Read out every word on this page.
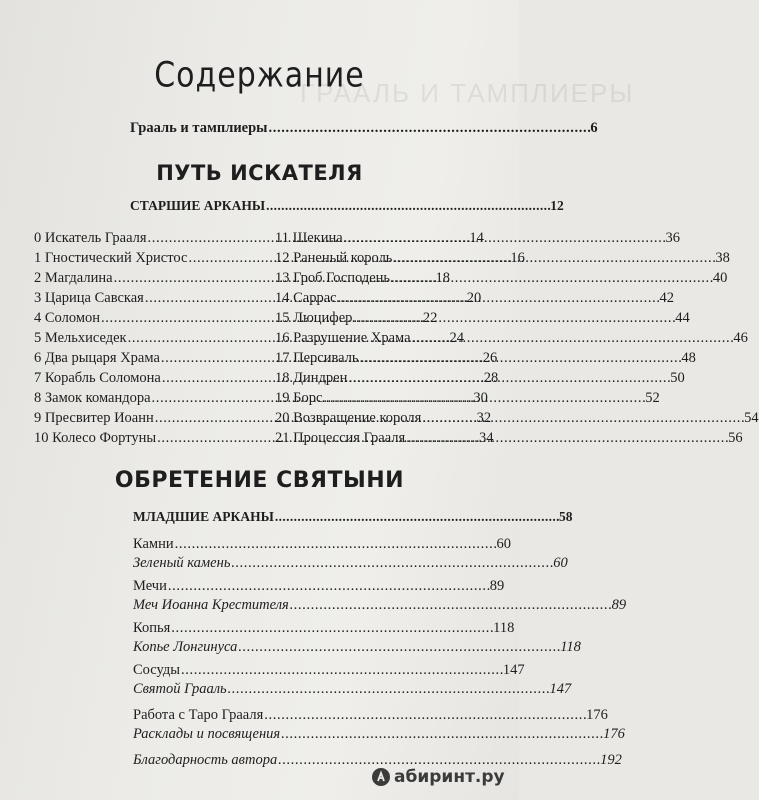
ГРААЛЬ И ТАМПЛИЕРЫ
Содержание
Грааль и тамплиеры . . .	6
ПУТЬ ИСКАТЕЛЯ
СТАРШИЕ АРКАНЫ . . .	12
0 Искатель Грааля . . .	14
1 Гностический Христос . . .	16
2 Магдалина . . .	18
3 Царица Савская . . .	20
4 Соломон . . .	22
5 Мельхиседек . . .	24
6 Два рыцаря Храма . . .	26
7 Корабль Соломона . . .	28
8 Замок командора . . .	30
9 Пресвитер Иоанн . . .	32
10 Колесо Фортуны . . .	34
11 Шекина . . .	36
12 Раненый король . . .	38
13 Гроб Господень . . .	40
14 Саррас . . .	42
15 Люцифер . . .	44
16 Разрушение Храма . . .	46
17 Персиваль . . .	48
18 Диндрен . . .	50
19 Борс . . .	52
20 Возвращение короля . . .	54
21 Процессия Грааля . . .	56
ОБРЕТЕНИЕ СВЯТЫНИ
МЛАДШИЕ АРКАНЫ . . .	58
Камни . . .	60
Зеленый камень . . .	60
Мечи . . .	89
Меч Иоанна Крестителя . . .	89
Копья . . .	118
Копье Лонгинуса . . .	118
Сосуды . . .	147
Святой Грааль . . .	147
Работа с Таро Грааля . . .	176
Расклады и посвящения . . .	176
Благодарность автора . . .	192
абиринт.ру
